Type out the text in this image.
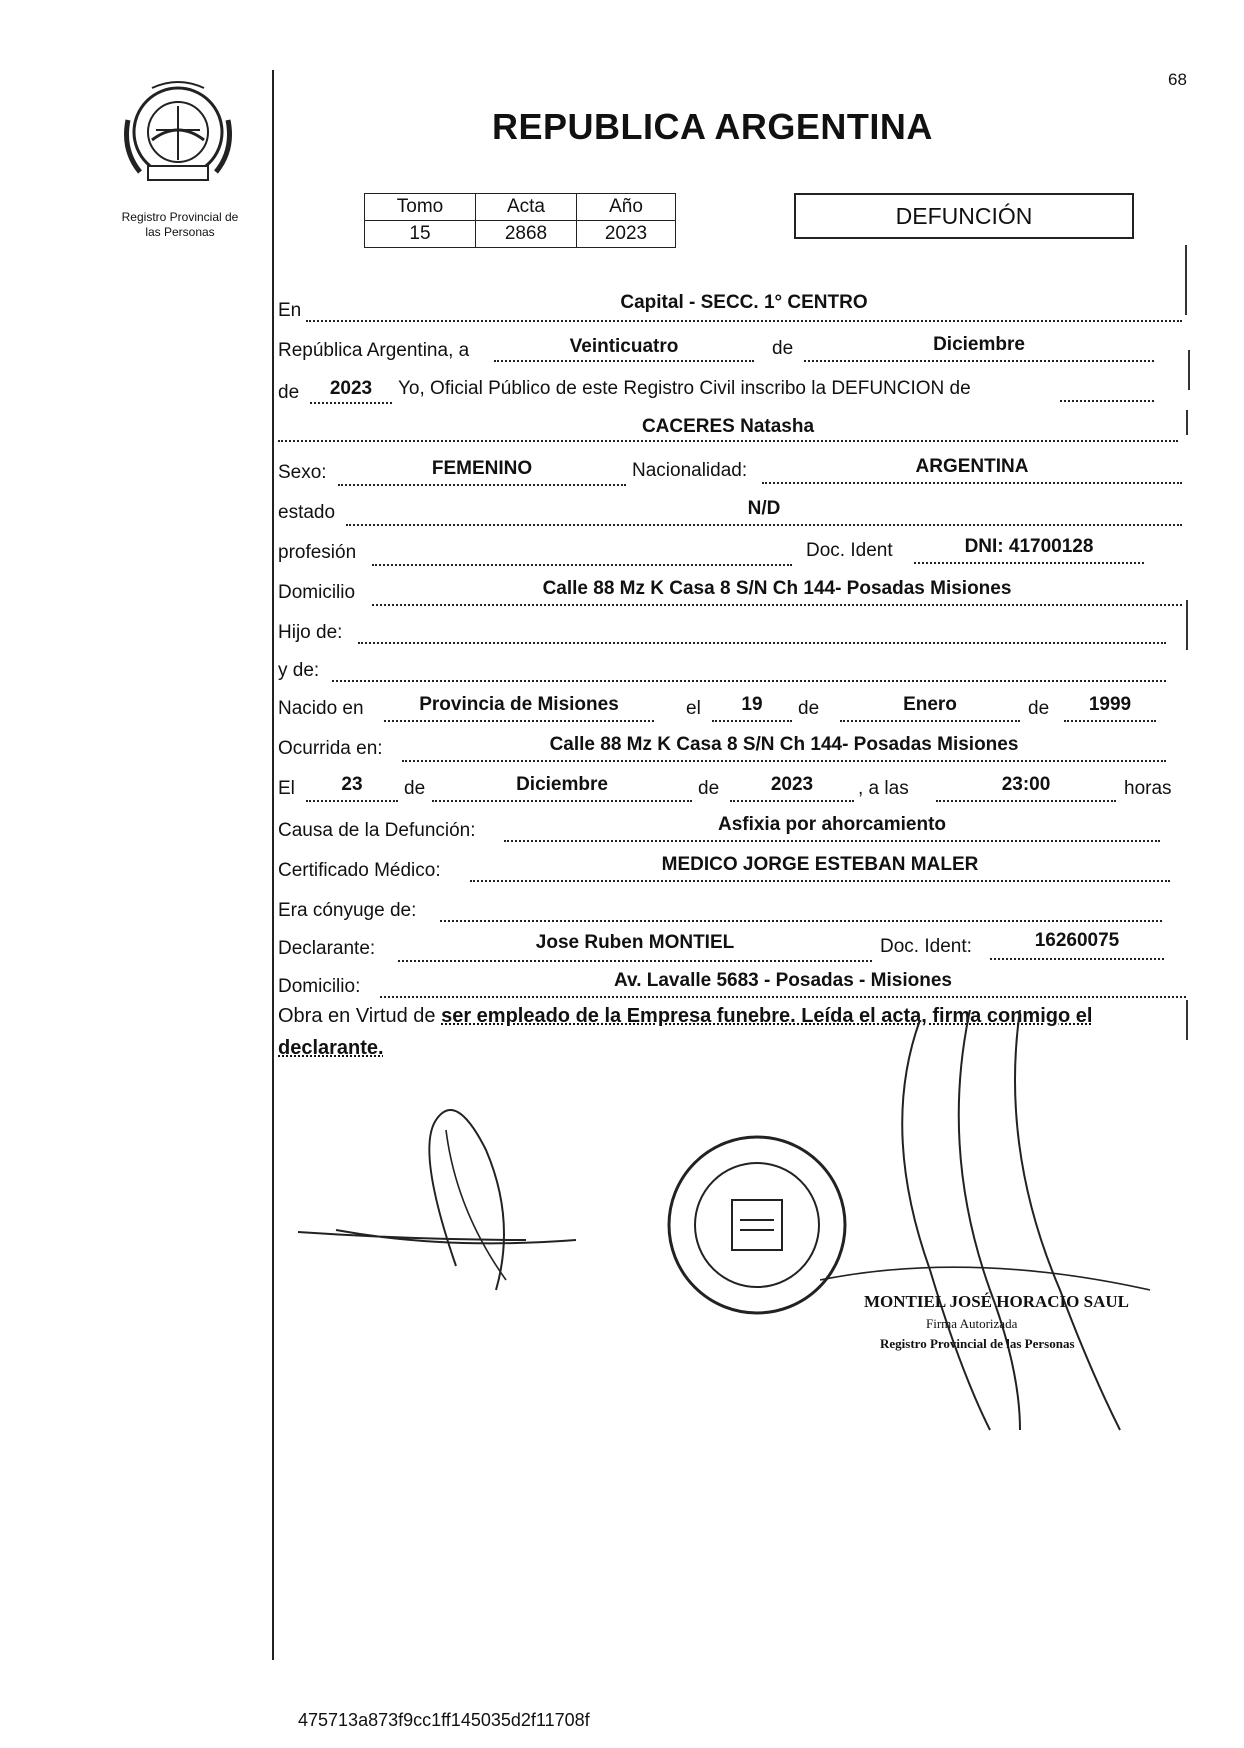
Registro Provincial de
las Personas
68
REPUBLICA ARGENTINA
Tomo	Acta	Año
15	2868	2023
DEFUNCIÓN
En	Capital - SECC. 1° CENTRO
República Argentina, a	Veinticuatro	de	Diciembre
de	2023	Yo, Oficial Público de este Registro Civil inscribo la DEFUNCION de
CACERES Natasha
Sexo:	FEMENINO	Nacionalidad:	ARGENTINA
estado	N/D
profesión	Doc. Ident	DNI: 41700128
Domicilio	Calle 88 Mz K Casa 8 S/N Ch 144- Posadas Misiones
Hijo de:
y de:
Nacido en	Provincia de Misiones	el	19	de	Enero	de	1999
Ocurrida en:	Calle 88 Mz K Casa 8 S/N Ch 144- Posadas Misiones
El	23	de	Diciembre	de	2023	, a las	23:00	horas
Causa de la Defunción:	Asfixia por ahorcamiento
Certificado Médico:	MEDICO JORGE ESTEBAN MALER
Era cónyuge de:
Declarante:	Jose Ruben MONTIEL	Doc. Ident:	16260075
Domicilio:	Av. Lavalle 5683 - Posadas - Misiones
Obra en Virtud de ser empleado de la Empresa funebre. Leída el acta, firma conmigo el declarante.
MONTIEL JOSÉ HORACIO SAUL
Firma Autorizada
Registro Provincial de las Personas
475713a873f9cc1ff145035d2f11708f
